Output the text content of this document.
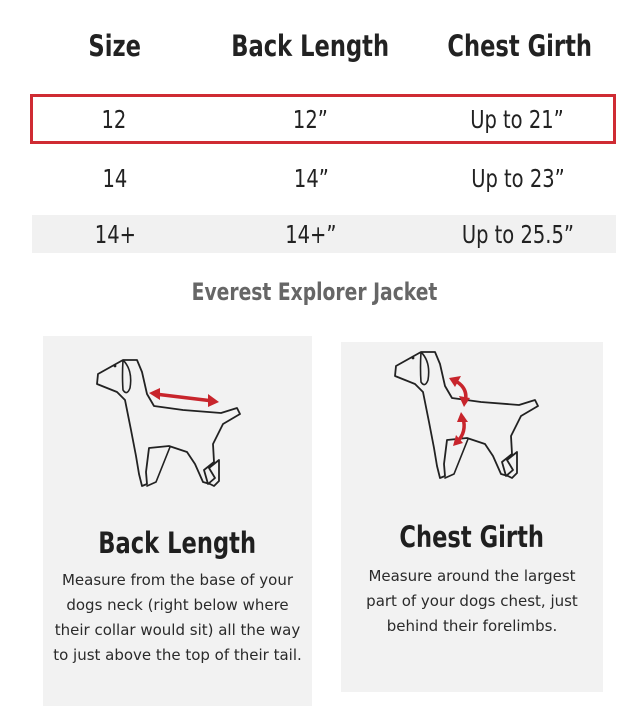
Size	Back Length	Chest Girth
12	12”	Up to 21”
14	14”	Up to 23”
14+	14+”	Up to 25.5”
Everest Explorer Jacket
Back Length
Measure from the base of your dogs neck (right below where their collar would sit) all the way to just above the top of their tail.
Chest Girth
Measure around the largest part of your dogs chest, just behind their forelimbs.
